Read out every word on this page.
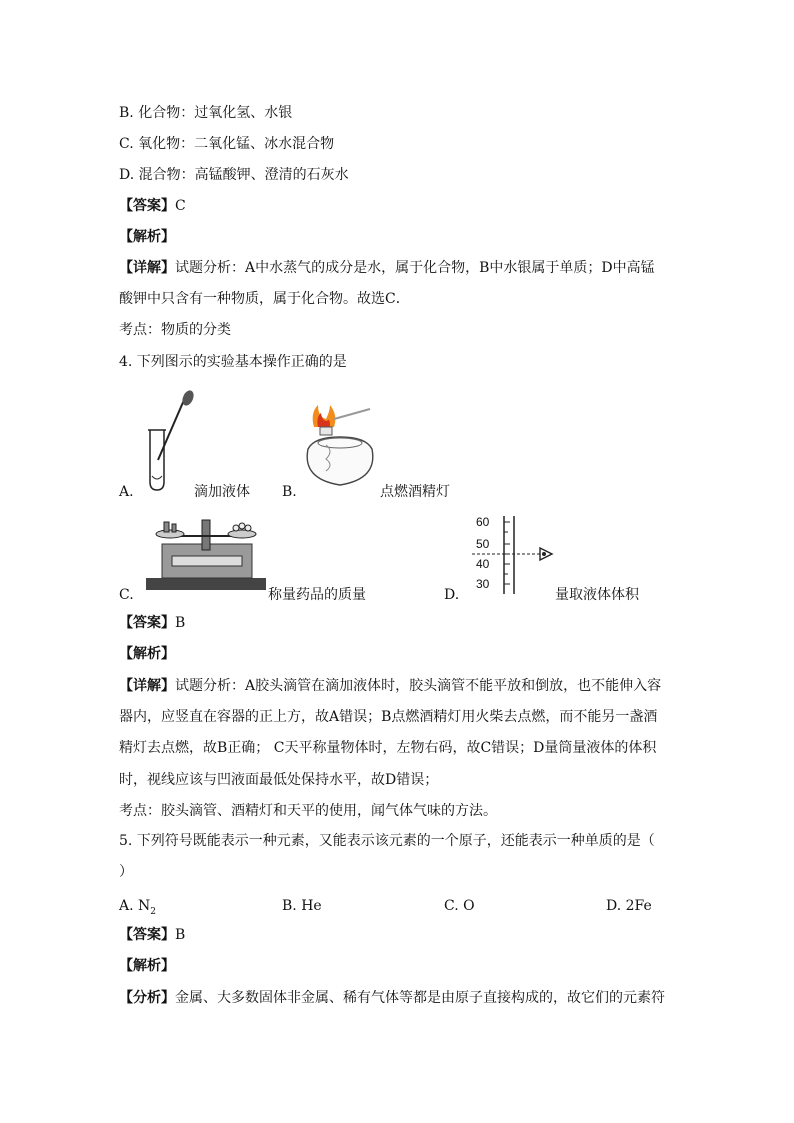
B. 化合物：过氧化氢、水银
C. 氧化物：二氧化锰、冰水混合物
D. 混合物：高锰酸钾、澄清的石灰水
【答案】C
【解析】
【详解】试题分析：A中水蒸气的成分是水，属于化合物，B中水银属于单质；D中高锰
酸钾中只含有一种物质，属于化合物。故选C．
考点：物质的分类
4. 下列图示的实验基本操作正确的是
A.	滴加液体 B.	点燃酒精灯
C.	称量药品的质量
60
50
40
30
D.	量取液体体积
【答案】B
【解析】
【详解】试题分析：A胶头滴管在滴加液体时，胶头滴管不能平放和倒放，也不能伸入容
器内，应竖直在容器的正上方，故A错误；B点燃酒精灯用火柴去点燃，而不能另一盏酒
精灯去点燃，故B正确； C天平称量物体时，左物右码，故C错误；D量筒量液体的体积
时，视线应该与凹液面最低处保持水平，故D错误；
考点：胶头滴管、酒精灯和天平的使用，闻气体气味的方法。
5. 下列符号既能表示一种元素，又能表示该元素的一个原子，还能表示一种单质的是（
）
A. $N_2$	B. He	C. O	D. 2Fe
【答案】B
【解析】
【分析】金属、大多数固体非金属、稀有气体等都是由原子直接构成的，故它们的元素符
